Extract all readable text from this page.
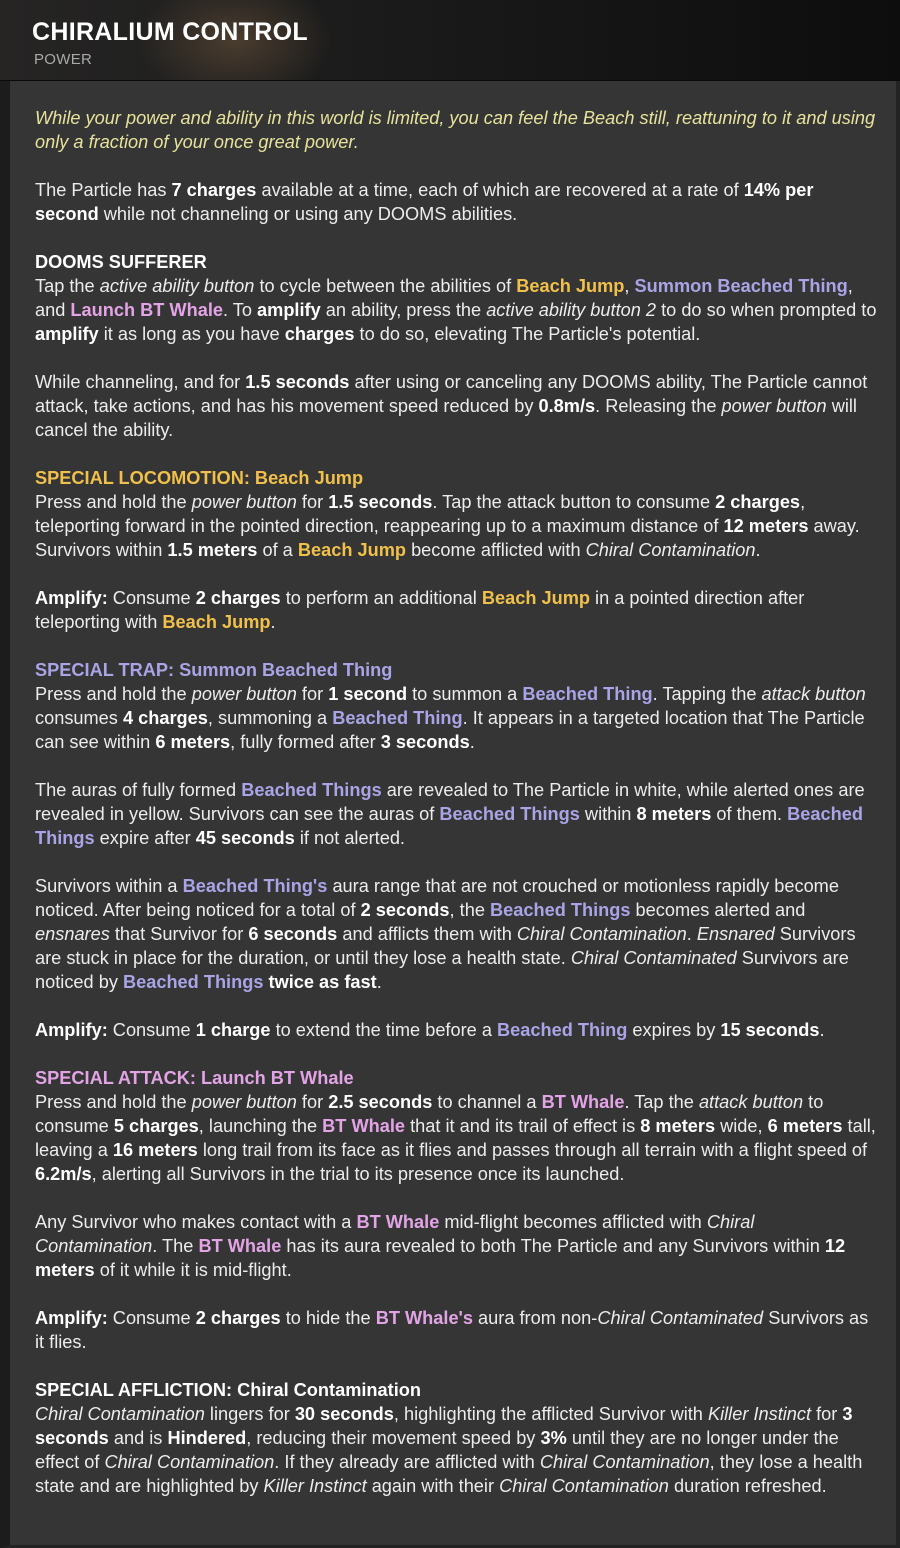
CHIRALIUM CONTROL
POWER

While your power and ability in this world is limited, you can feel the Beach still, reattuning to it and using only a fraction of your once great power.

The Particle has 7 charges available at a time, each of which are recovered at a rate of 14% per second while not channeling or using any DOOMS abilities.

DOOMS SUFFERER
Tap the active ability button to cycle between the abilities of Beach Jump, Summon Beached Thing, and Launch BT Whale. To amplify an ability, press the active ability button 2 to do so when prompted to amplify it as long as you have charges to do so, elevating The Particle's potential.

While channeling, and for 1.5 seconds after using or canceling any DOOMS ability, The Particle cannot attack, take actions, and has his movement speed reduced by 0.8m/s. Releasing the power button will cancel the ability.

SPECIAL LOCOMOTION: Beach Jump
Press and hold the power button for 1.5 seconds. Tap the attack button to consume 2 charges, teleporting forward in the pointed direction, reappearing up to a maximum distance of 12 meters away. Survivors within 1.5 meters of a Beach Jump become afflicted with Chiral Contamination.

Amplify: Consume 2 charges to perform an additional Beach Jump in a pointed direction after teleporting with Beach Jump.

SPECIAL TRAP: Summon Beached Thing
Press and hold the power button for 1 second to summon a Beached Thing. Tapping the attack button consumes 4 charges, summoning a Beached Thing. It appears in a targeted location that The Particle can see within 6 meters, fully formed after 3 seconds.

The auras of fully formed Beached Things are revealed to The Particle in white, while alerted ones are revealed in yellow. Survivors can see the auras of Beached Things within 8 meters of them. Beached Things expire after 45 seconds if not alerted.

Survivors within a Beached Thing's aura range that are not crouched or motionless rapidly become noticed. After being noticed for a total of 2 seconds, the Beached Things becomes alerted and ensnares that Survivor for 6 seconds and afflicts them with Chiral Contamination. Ensnared Survivors are stuck in place for the duration, or until they lose a health state. Chiral Contaminated Survivors are noticed by Beached Things twice as fast.

Amplify: Consume 1 charge to extend the time before a Beached Thing expires by 15 seconds.

SPECIAL ATTACK: Launch BT Whale
Press and hold the power button for 2.5 seconds to channel a BT Whale. Tap the attack button to consume 5 charges, launching the BT Whale that it and its trail of effect is 8 meters wide, 6 meters tall, leaving a 16 meters long trail from its face as it flies and passes through all terrain with a flight speed of 6.2m/s, alerting all Survivors in the trial to its presence once its launched.

Any Survivor who makes contact with a BT Whale mid-flight becomes afflicted with Chiral Contamination. The BT Whale has its aura revealed to both The Particle and any Survivors within 12 meters of it while it is mid-flight.

Amplify: Consume 2 charges to hide the BT Whale's aura from non-Chiral Contaminated Survivors as it flies.

SPECIAL AFFLICTION: Chiral Contamination
Chiral Contamination lingers for 30 seconds, highlighting the afflicted Survivor with Killer Instinct for 3 seconds and is Hindered, reducing their movement speed by 3% until they are no longer under the effect of Chiral Contamination. If they already are afflicted with Chiral Contamination, they lose a health state and are highlighted by Killer Instinct again with their Chiral Contamination duration refreshed.
